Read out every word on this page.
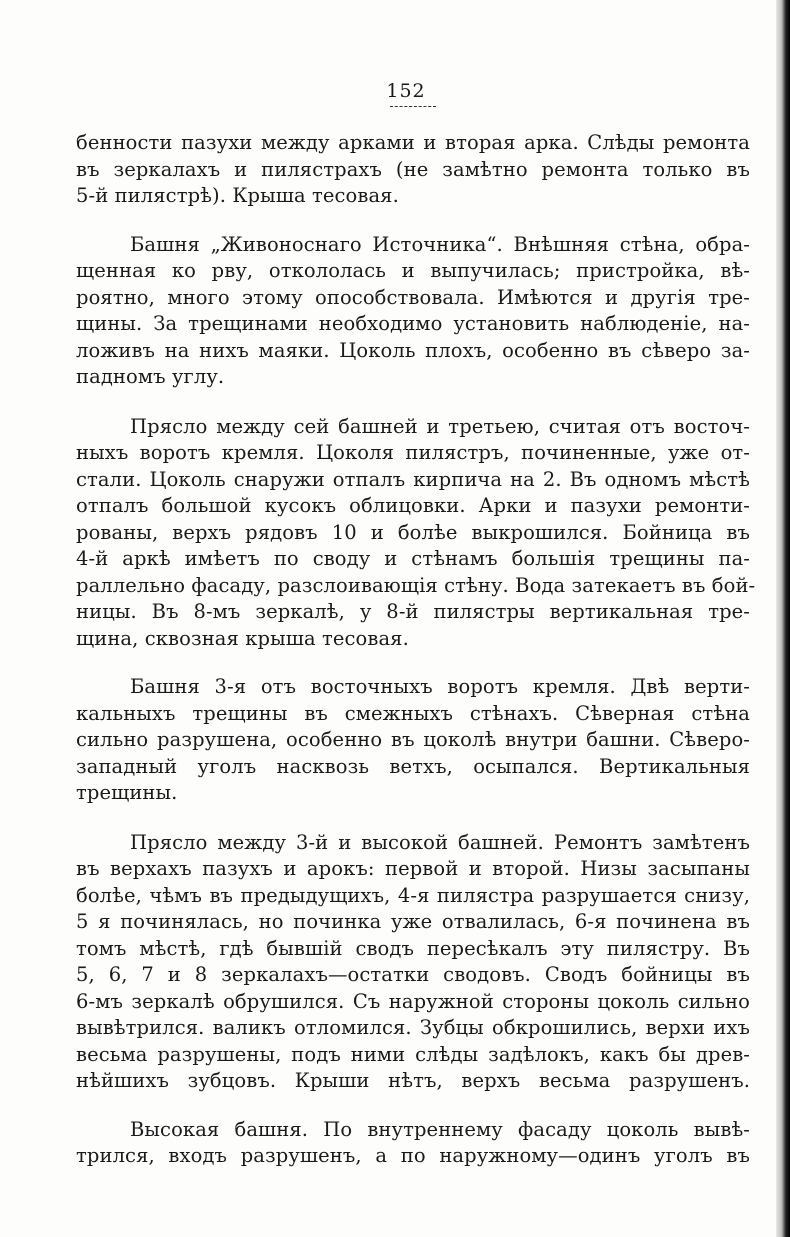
152
бенности пазухи между арками и вторая арка. Слѣды ремонта
въ зеркалахъ и пилястрахъ (не замѣтно ремонта только въ
5-й пилястрѣ). Крыша тесовая.
Башня „Живоноснаго Источника“. Внѣшняя стѣна, обра-
щенная ко рву, откололась и выпучилась; пристройка, вѣ-
роятно, много этому опособствовала. Имѣются и другія тре-
щины. За трещинами необходимо установить наблюденіе, на-
ложивъ на нихъ маяки. Цоколь плохъ, особенно въ сѣверо за-
падномъ углу.
Прясло между сей башней и третьею, считая отъ восточ-
ныхъ воротъ кремля. Цоколя пилястръ, починенные, уже от-
стали. Цоколь снаружи отпалъ кирпича на 2. Въ одномъ мѣстѣ
отпалъ большой кусокъ облицовки. Арки и пазухи ремонти-
рованы, верхъ рядовъ 10 и болѣе выкрошился. Бойница въ
4-й аркѣ имѣетъ по своду и стѣнамъ большія трещины па-
раллельно фасаду, разслоивающія стѣну. Вода затекаетъ въ бой-
ницы. Въ 8-мъ зеркалѣ, у 8-й пилястры вертикальная тре-
щина, сквозная крыша тесовая.
Башня 3-я отъ восточныхъ воротъ кремля. Двѣ верти-
кальныхъ трещины въ смежныхъ стѣнахъ. Сѣверная стѣна
сильно разрушена, особенно въ цоколѣ внутри башни. Сѣверо-
западный уголъ насквозь ветхъ, осыпался. Вертикальныя
трещины.
Прясло между 3-й и высокой башней. Ремонтъ замѣтенъ
въ верхахъ пазухъ и арокъ: первой и второй. Низы засыпаны
болѣе, чѣмъ въ предыдущихъ, 4-я пилястра разрушается снизу,
5 я починялась, но починка уже отвалилась, 6-я починена въ
томъ мѣстѣ, гдѣ бывшій сводъ пересѣкалъ эту пилястру. Въ
5, 6, 7 и 8 зеркалахъ—остатки сводовъ. Сводъ бойницы въ
6-мъ зеркалѣ обрушился. Съ наружной стороны цоколь сильно
вывѣтрился. валикъ отломился. Зубцы обкрошились, верхи ихъ
весьма разрушены, подъ ними слѣды задѣлокъ, какъ бы древ-
нѣйшихъ зубцовъ. Крыши нѣтъ, верхъ весьма разрушенъ.
Высокая башня. По внутреннему фасаду цоколь вывѣ-
трился, входъ разрушенъ, а по наружному—одинъ уголъ въ
